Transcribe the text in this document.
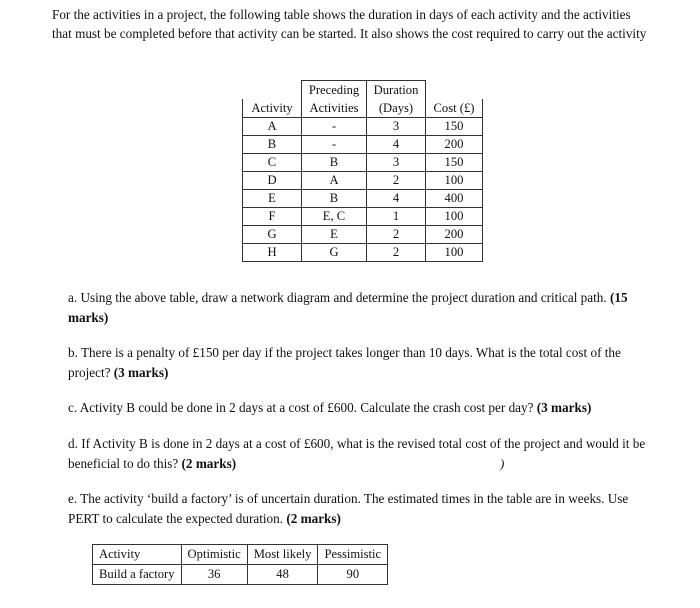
For the activities in a project, the following table shows the duration in days of each activity and the activities that must be completed before that activity can be started. It also shows the cost required to carry out the activity
	Preceding	Duration	
Activity	Activities	(Days)	Cost (£)
A	-	3	150
B	-	4	200
C	B	3	150
D	A	2	100
E	B	4	400
F	E, C	1	100
G	E	2	200
H	G	2	100
a. Using the above table, draw a network diagram and determine the project duration and critical path. (15 marks)
b. There is a penalty of £150 per day if the project takes longer than 10 days. What is the total cost of the project? (3 marks)
c. Activity B could be done in 2 days at a cost of £600. Calculate the crash cost per day? (3 marks)
d. If Activity B is done in 2 days at a cost of £600, what is the revised total cost of the project and would it be beneficial to do this? (2 marks)	)
e. The activity ‘build a factory’ is of uncertain duration. The estimated times in the table are in weeks. Use PERT to calculate the expected duration. (2 marks)
Activity	Optimistic	Most likely	Pessimistic
Build a factory	36	48	90
